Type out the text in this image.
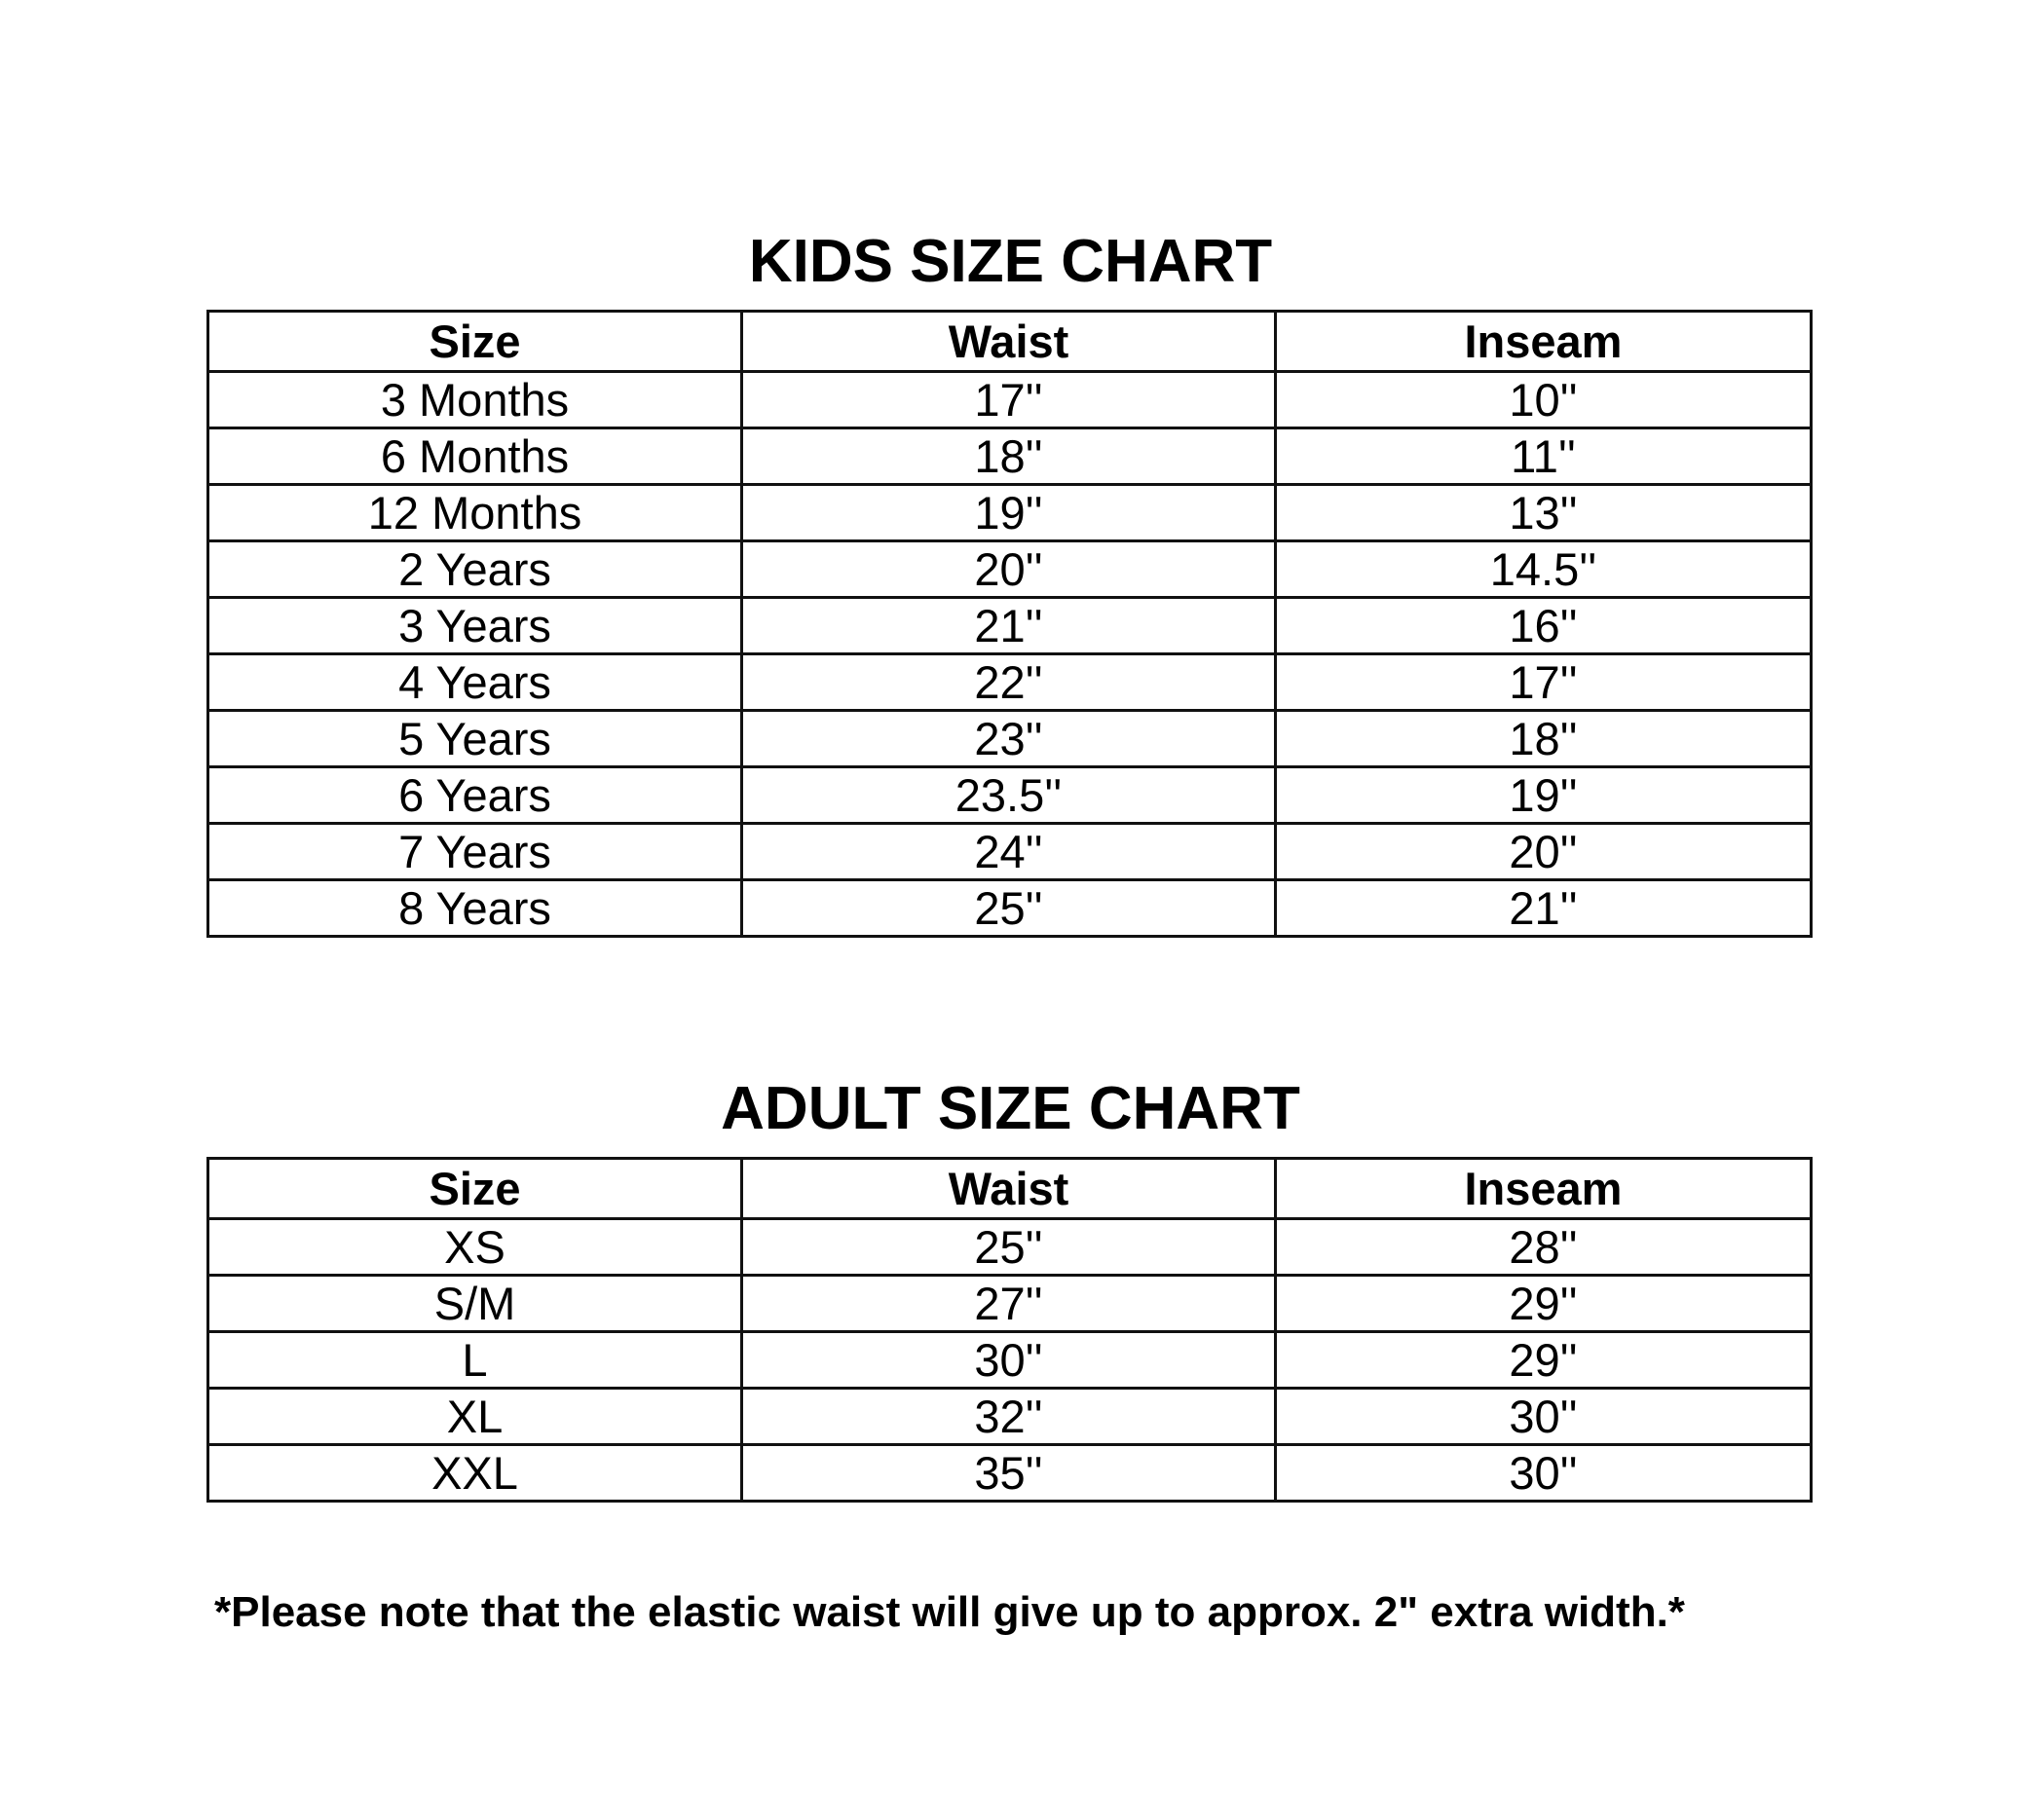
KIDS SIZE CHART
Size	Waist	Inseam
3 Months	17''	10''
6 Months	18''	11''
12 Months	19''	13''
2 Years	20''	14.5''
3 Years	21''	16''
4 Years	22''	17''
5 Years	23''	18''
6 Years	23.5''	19''
7 Years	24''	20''
8 Years	25''	21''
ADULT SIZE CHART
Size	Waist	Inseam
XS	25''	28''
S/M	27''	29''
L	30''	29''
XL	32''	30''
XXL	35''	30''
*Please note that the elastic waist will give up to approx. 2" extra width.*
